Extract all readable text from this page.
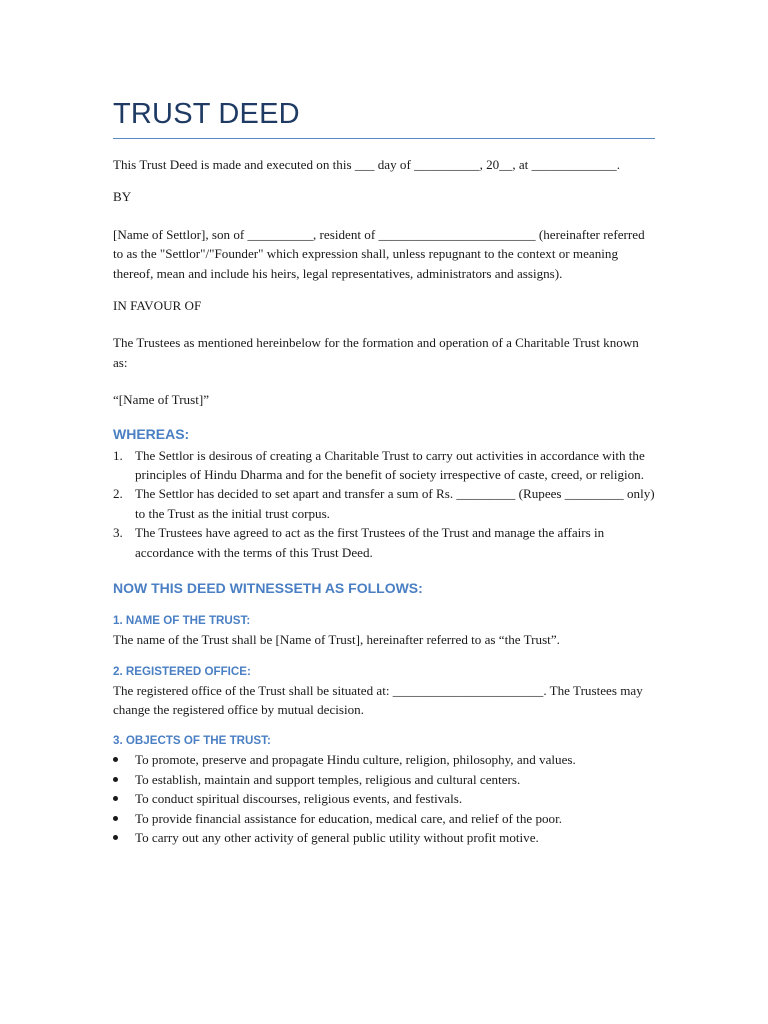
TRUST DEED

This Trust Deed is made and executed on this ___ day of __________, 20__, at _____________.

BY

[Name of Settlor], son of __________, resident of ________________________ (hereinafter referred to as the "Settlor"/"Founder" which expression shall, unless repugnant to the context or meaning thereof, mean and include his heirs, legal representatives, administrators and assigns).

IN FAVOUR OF

The Trustees as mentioned hereinbelow for the formation and operation of a Charitable Trust known as:

“[Name of Trust]”

WHEREAS:
1. The Settlor is desirous of creating a Charitable Trust to carry out activities in accordance with the principles of Hindu Dharma and for the benefit of society irrespective of caste, creed, or religion.
2. The Settlor has decided to set apart and transfer a sum of Rs. _________ (Rupees _________ only) to the Trust as the initial trust corpus.
3. The Trustees have agreed to act as the first Trustees of the Trust and manage the affairs in accordance with the terms of this Trust Deed.
NOW THIS DEED WITNESSETH AS FOLLOWS:
1. NAME OF THE TRUST:

The name of the Trust shall be [Name of Trust], hereinafter referred to as “the Trust”.

2. REGISTERED OFFICE:

The registered office of the Trust shall be situated at: _______________________. The Trustees may change the registered office by mutual decision.

3. OBJECTS OF THE TRUST:
To promote, preserve and propagate Hindu culture, religion, philosophy, and values.
To establish, maintain and support temples, religious and cultural centers.
To conduct spiritual discourses, religious events, and festivals.
To provide financial assistance for education, medical care, and relief of the poor.
To carry out any other activity of general public utility without profit motive.
